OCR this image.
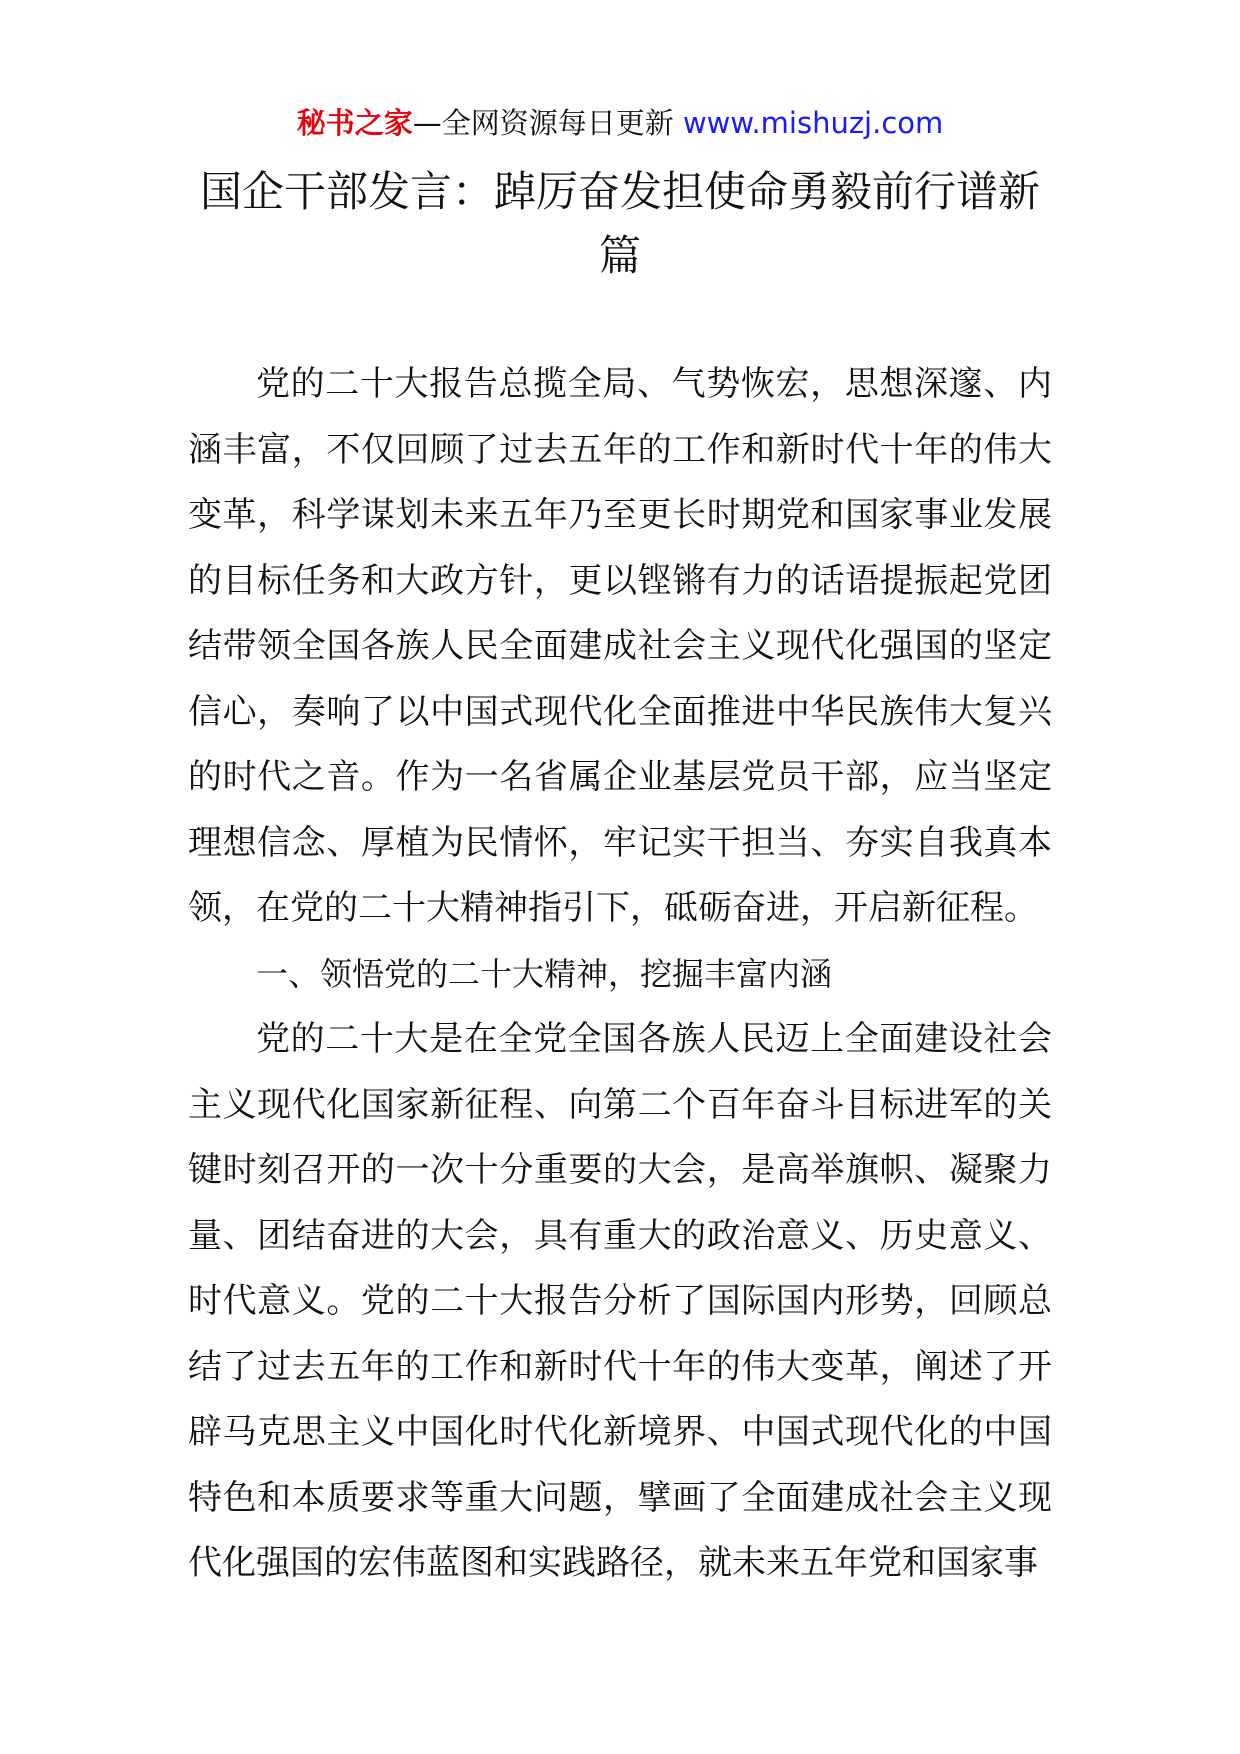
秘书之家—全网资源每日更新 www.mishuzj.com
国企干部发言：踔厉奋发担使命勇毅前行谱新篇

党的二十大报告总揽全局、气势恢宏，思想深邃、内涵丰富，不仅回顾了过去五年的工作和新时代十年的伟大变革，科学谋划未来五年乃至更长时期党和国家事业发展的目标任务和大政方针，更以铿锵有力的话语提振起党团结带领全国各族人民全面建成社会主义现代化强国的坚定信心，奏响了以中国式现代化全面推进中华民族伟大复兴的时代之音。作为一名省属企业基层党员干部，应当坚定理想信念、厚植为民情怀，牢记实干担当、夯实自我真本领，在党的二十大精神指引下，砥砺奋进，开启新征程。

一、领悟党的二十大精神，挖掘丰富内涵

党的二十大是在全党全国各族人民迈上全面建设社会主义现代化国家新征程、向第二个百年奋斗目标进军的关键时刻召开的一次十分重要的大会，是高举旗帜、凝聚力量、团结奋进的大会，具有重大的政治意义、历史意义、时代意义。党的二十大报告分析了国际国内形势，回顾总结了过去五年的工作和新时代十年的伟大变革，阐述了开辟马克思主义中国化时代化新境界、中国式现代化的中国特色和本质要求等重大问题，擘画了全面建成社会主义现代化强国的宏伟蓝图和实践路径，就未来五年党和国家事
